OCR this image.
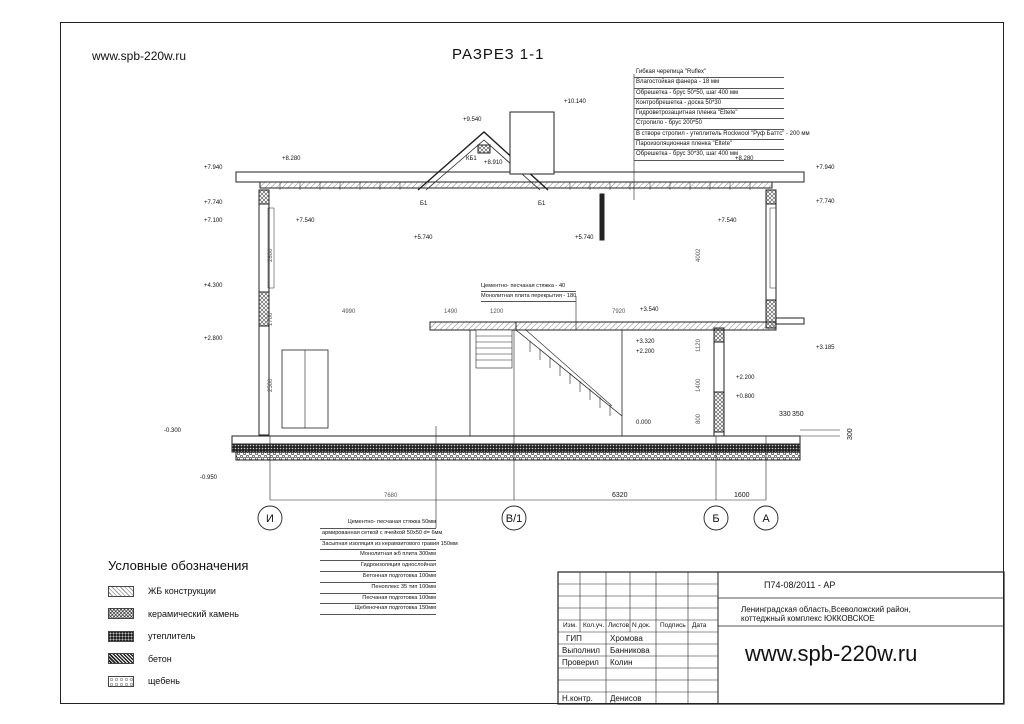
www.spb-220w.ru	РАЗРЕЗ 1-1
+10.140
+9.540
+8.910
+8.280	+8.280
+7.940
+7.740
+7.100
+7.940
+7.740
+7.540	+7.540
+5.740	+5.740
+4.300
+3.540
+3.320
+2.200
+2.200
+2.800
+3.185
+0.800
0.000
-0.300
-0.950
2800	4002
1700
2500
1120
1400
800
4990	1490	1200	7920
7680	6320	1600
330 350
300
КБ1
Б1	Б1
И	В/1	Б	А
Гибкая черепица "Ruflex"
Влагостойкая фанера - 18 мм
Обрешетка - брус 50*50, шаг 400 мм
Контробрешетка - доска 50*30
Гидроветрозащитная пленка "Eltete"
Стропило - брус 200*50
В створе стропил - утеплитель Rockwool "Руф Баттс" - 200 мм
Пароизоляционная пленка "Eltete"
Обрешетка - брус 30*30, шаг 400 мм
Цементно- песчаная стяжка - 40
Монолитная плита перекрытия - 180
Цементно- песчаная стяжка 50мм
армированная сеткой с ячейкой 50х50 d= 6мм
Засыпная изоляция из керамзитового гравия 150мм
Монолитная жб плита 300мм
Гидроизоляция однослойная
Бетонная подготовка 100мм
Пеноплекс 35 тип 100мм
Песчаная подготовка 100мм
Щебеночная подготовка 150мм
Условные обозначения
ЖБ конструкции
керамический камень
утеплитель
бетон
щебень
П74-08/2011 - АР
Ленинградская область,Всеволожский район,
коттеджный комплекс ЮККОВСКОЕ
Изм. Кол.уч. Листов N док. Подпись Дата
ГИП	Хромова
Выполнил Банникова
Проверил Колин
Н.контр. Денисов
www.spb-220w.ru
